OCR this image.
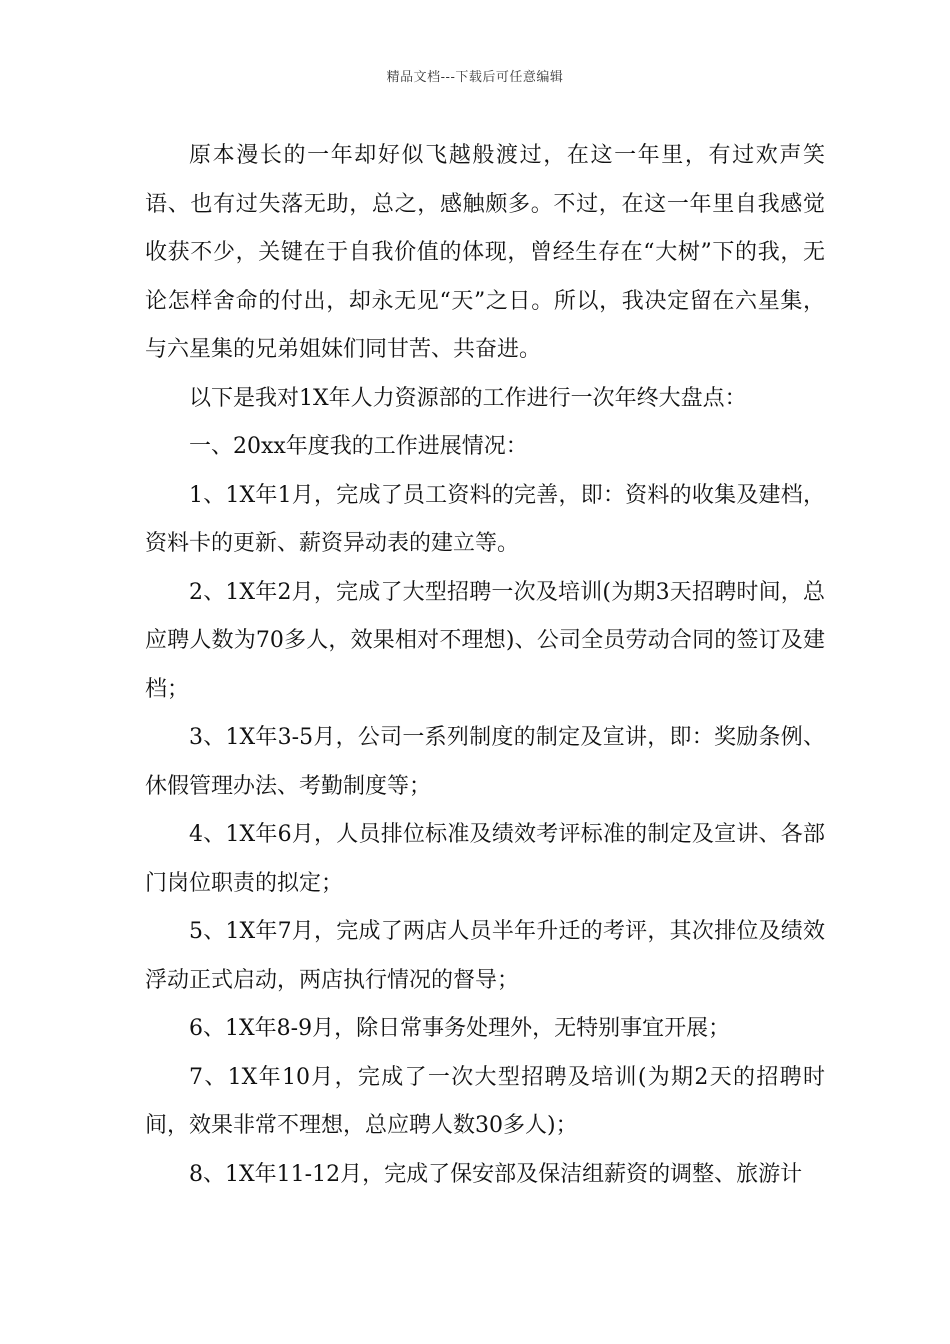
精品文档---下载后可任意编辑

原本漫长的一年却好似飞越般渡过，在这一年里，有过欢声笑语、也有过失落无助，总之，感触颇多。不过，在这一年里自我感觉收获不少，关键在于自我价值的体现，曾经生存在“大树”下的我，无论怎样舍命的付出，却永无见“天”之日。所以，我决定留在六星集，与六星集的兄弟姐妹们同甘苦、共奋进。

以下是我对1X年人力资源部的工作进行一次年终大盘点：

一、20xx年度我的工作进展情况：

1、1X年1月，完成了员工资料的完善，即：资料的收集及建档，资料卡的更新、薪资异动表的建立等。

2、1X年2月，完成了大型招聘一次及培训(为期3天招聘时间，总应聘人数为70多人，效果相对不理想)、公司全员劳动合同的签订及建档；

3、1X年3-5月，公司一系列制度的制定及宣讲，即：奖励条例、休假管理办法、考勤制度等；

4、1X年6月，人员排位标准及绩效考评标准的制定及宣讲、各部门岗位职责的拟定；

5、1X年7月，完成了两店人员半年升迁的考评，其次排位及绩效浮动正式启动，两店执行情况的督导；

6、1X年8-9月，除日常事务处理外，无特别事宜开展；

7、1X年10月，完成了一次大型招聘及培训(为期2天的招聘时间，效果非常不理想，总应聘人数30多人)；

8、1X年11-12月，完成了保安部及保洁组薪资的调整、旅游计
